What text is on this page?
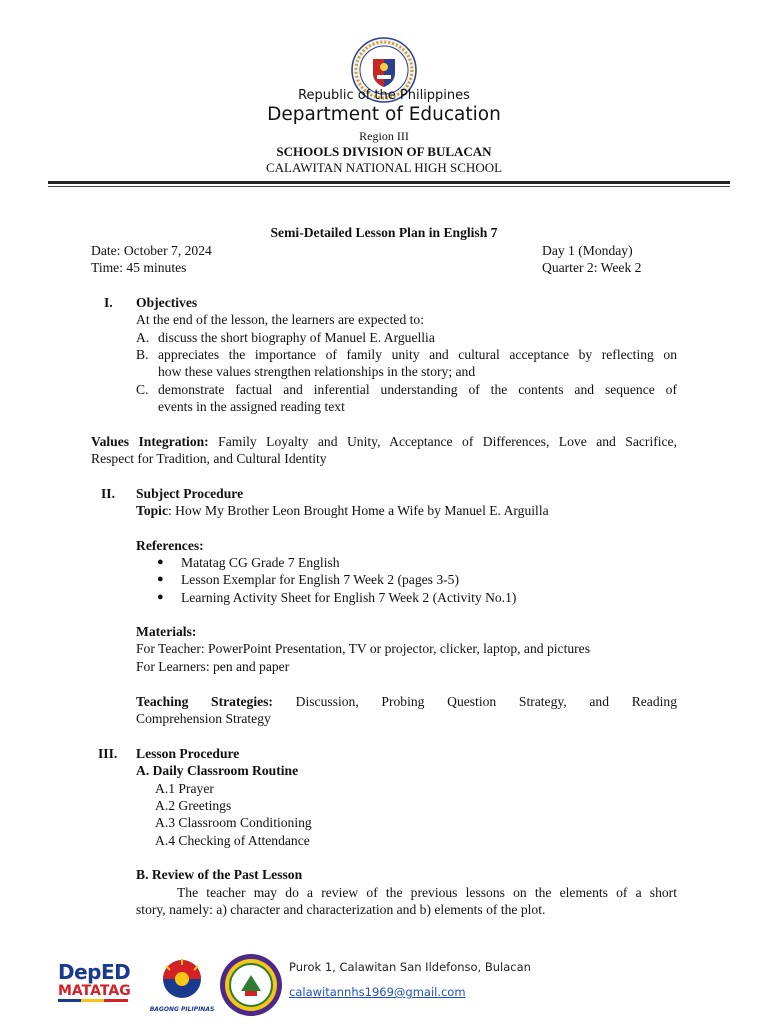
Republic of the Philippines
Department of Education
Region III
SCHOOLS DIVISION OF BULACAN
CALAWITAN NATIONAL HIGH SCHOOL
Semi-Detailed Lesson Plan in English 7
Date: October 7, 2024	Day 1 (Monday)
Time: 45 minutes	Quarter 2: Week 2
I. Objectives
At the end of the lesson, the learners are expected to:
A. discuss the short biography of Manuel E. Arguellia
B. appreciates the importance of family unity and cultural acceptance by reflecting on
how these values strengthen relationships in the story; and
C. demonstrate factual and inferential understanding of the contents and sequence of
events in the assigned reading text
Values Integration: Family Loyalty and Unity, Acceptance of Differences, Love and Sacrifice,
Respect for Tradition, and Cultural Identity
II. Subject Procedure
Topic: How My Brother Leon Brought Home a Wife by Manuel E. Arguilla
References:
● Matatag CG Grade 7 English
● Lesson Exemplar for English 7 Week 2 (pages 3-5)
● Learning Activity Sheet for English 7 Week 2 (Activity No.1)
Materials:
For Teacher: PowerPoint Presentation, TV or projector, clicker, laptop, and pictures
For Learners: pen and paper
Teaching Strategies: Discussion, Probing Question Strategy, and Reading
Comprehension Strategy
III. Lesson Procedure
A. Daily Classroom Routine
A.1 Prayer
A.2 Greetings
A.3 Classroom Conditioning
A.4 Checking of Attendance
B. Review of the Past Lesson
The teacher may do a review of the previous lessons on the elements of a short
story, namely: a) character and characterization and b) elements of the plot.
DepED
MATATAG
BAGONG PILIPINAS
Purok 1, Calawitan San Ildefonso, Bulacan
calawitannhs1969@gmail.com
